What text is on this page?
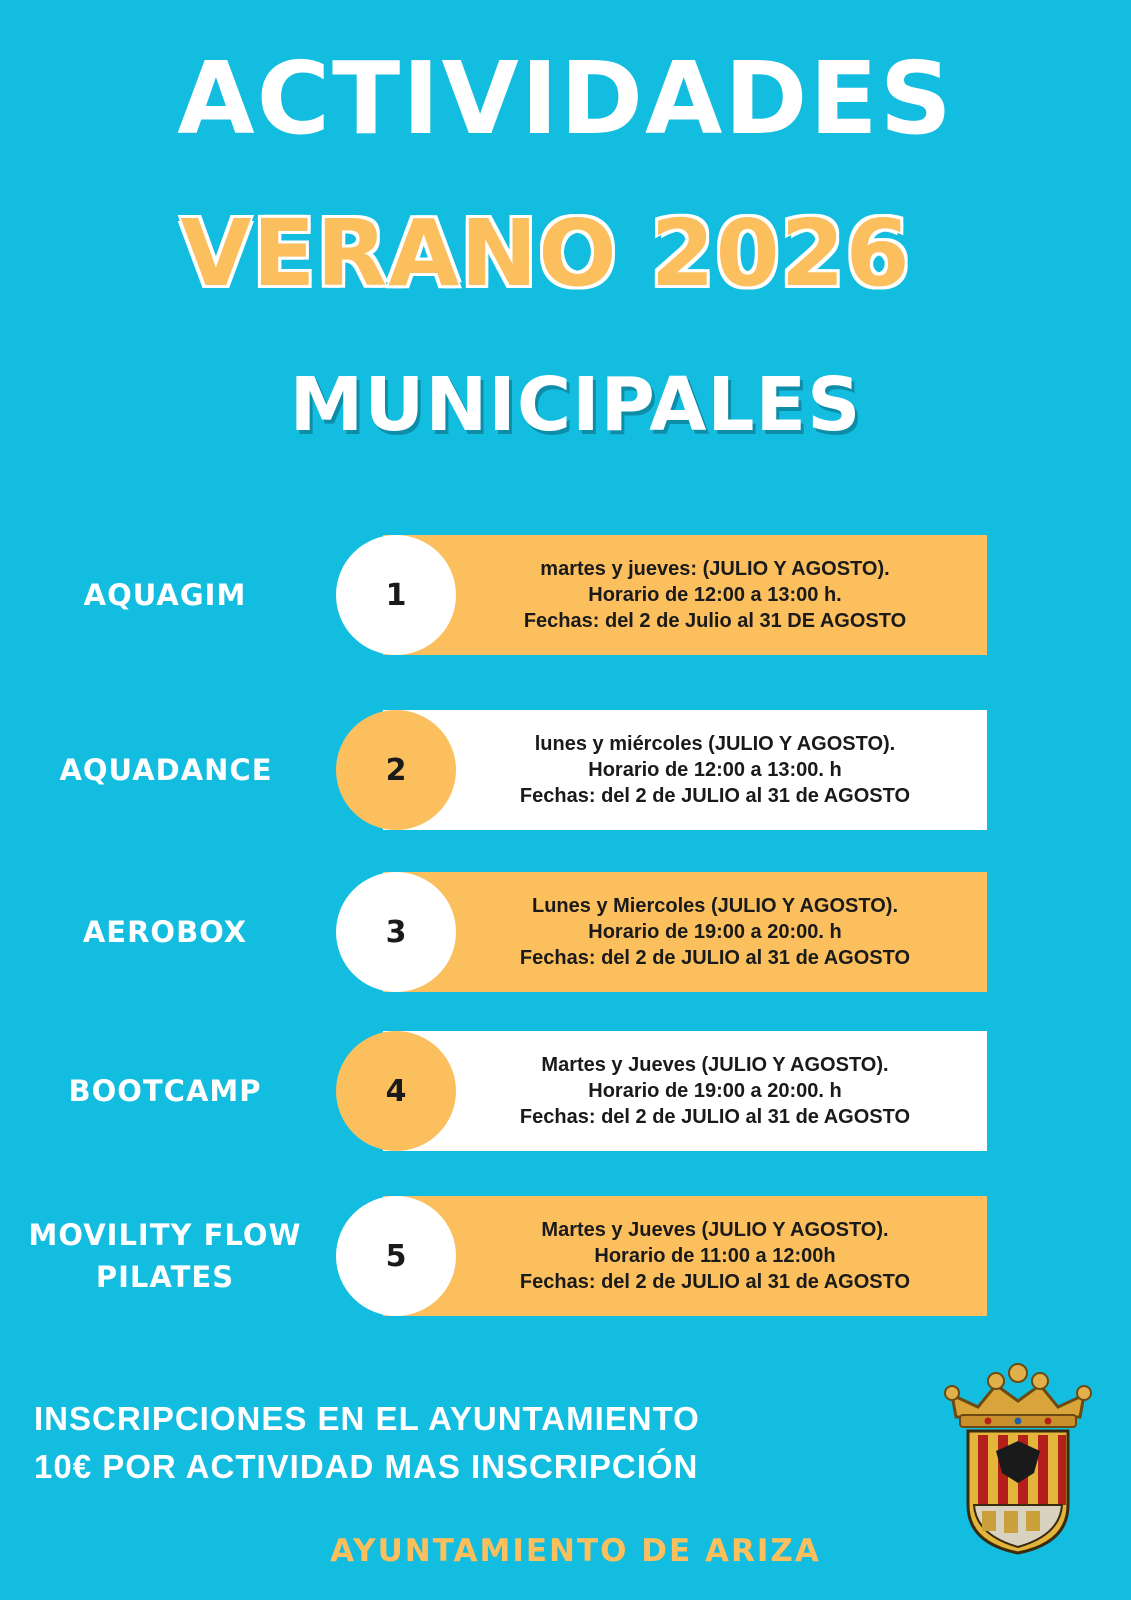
ACTIVIDADES
VERANO 2026
MUNICIPALES
AQUAGIM
martes y jueves: (JULIO Y AGOSTO).
Horario de 12:00 a 13:00 h.
Fechas: del 2 de Julio al 31 DE AGOSTO
1
AQUADANCE
lunes y miércoles (JULIO Y AGOSTO).
Horario de 12:00 a 13:00. h
Fechas: del 2 de JULIO al 31 de AGOSTO
2
AEROBOX
Lunes y Miercoles (JULIO Y AGOSTO).
Horario de 19:00 a 20:00. h
Fechas: del 2 de JULIO al 31 de AGOSTO
3
BOOTCAMP
Martes y Jueves (JULIO Y AGOSTO).
Horario de 19:00 a 20:00. h
Fechas: del 2 de JULIO al 31 de AGOSTO
4
MOVILITY FLOW
PILATES
Martes y Jueves (JULIO Y AGOSTO).
Horario de 11:00 a 12:00h
Fechas: del 2 de JULIO al 31 de AGOSTO
5

INSCRIPCIONES EN EL AYUNTAMIENTO

10€ POR ACTIVIDAD MAS INSCRIPCIÓN

AYUNTAMIENTO DE ARIZA
